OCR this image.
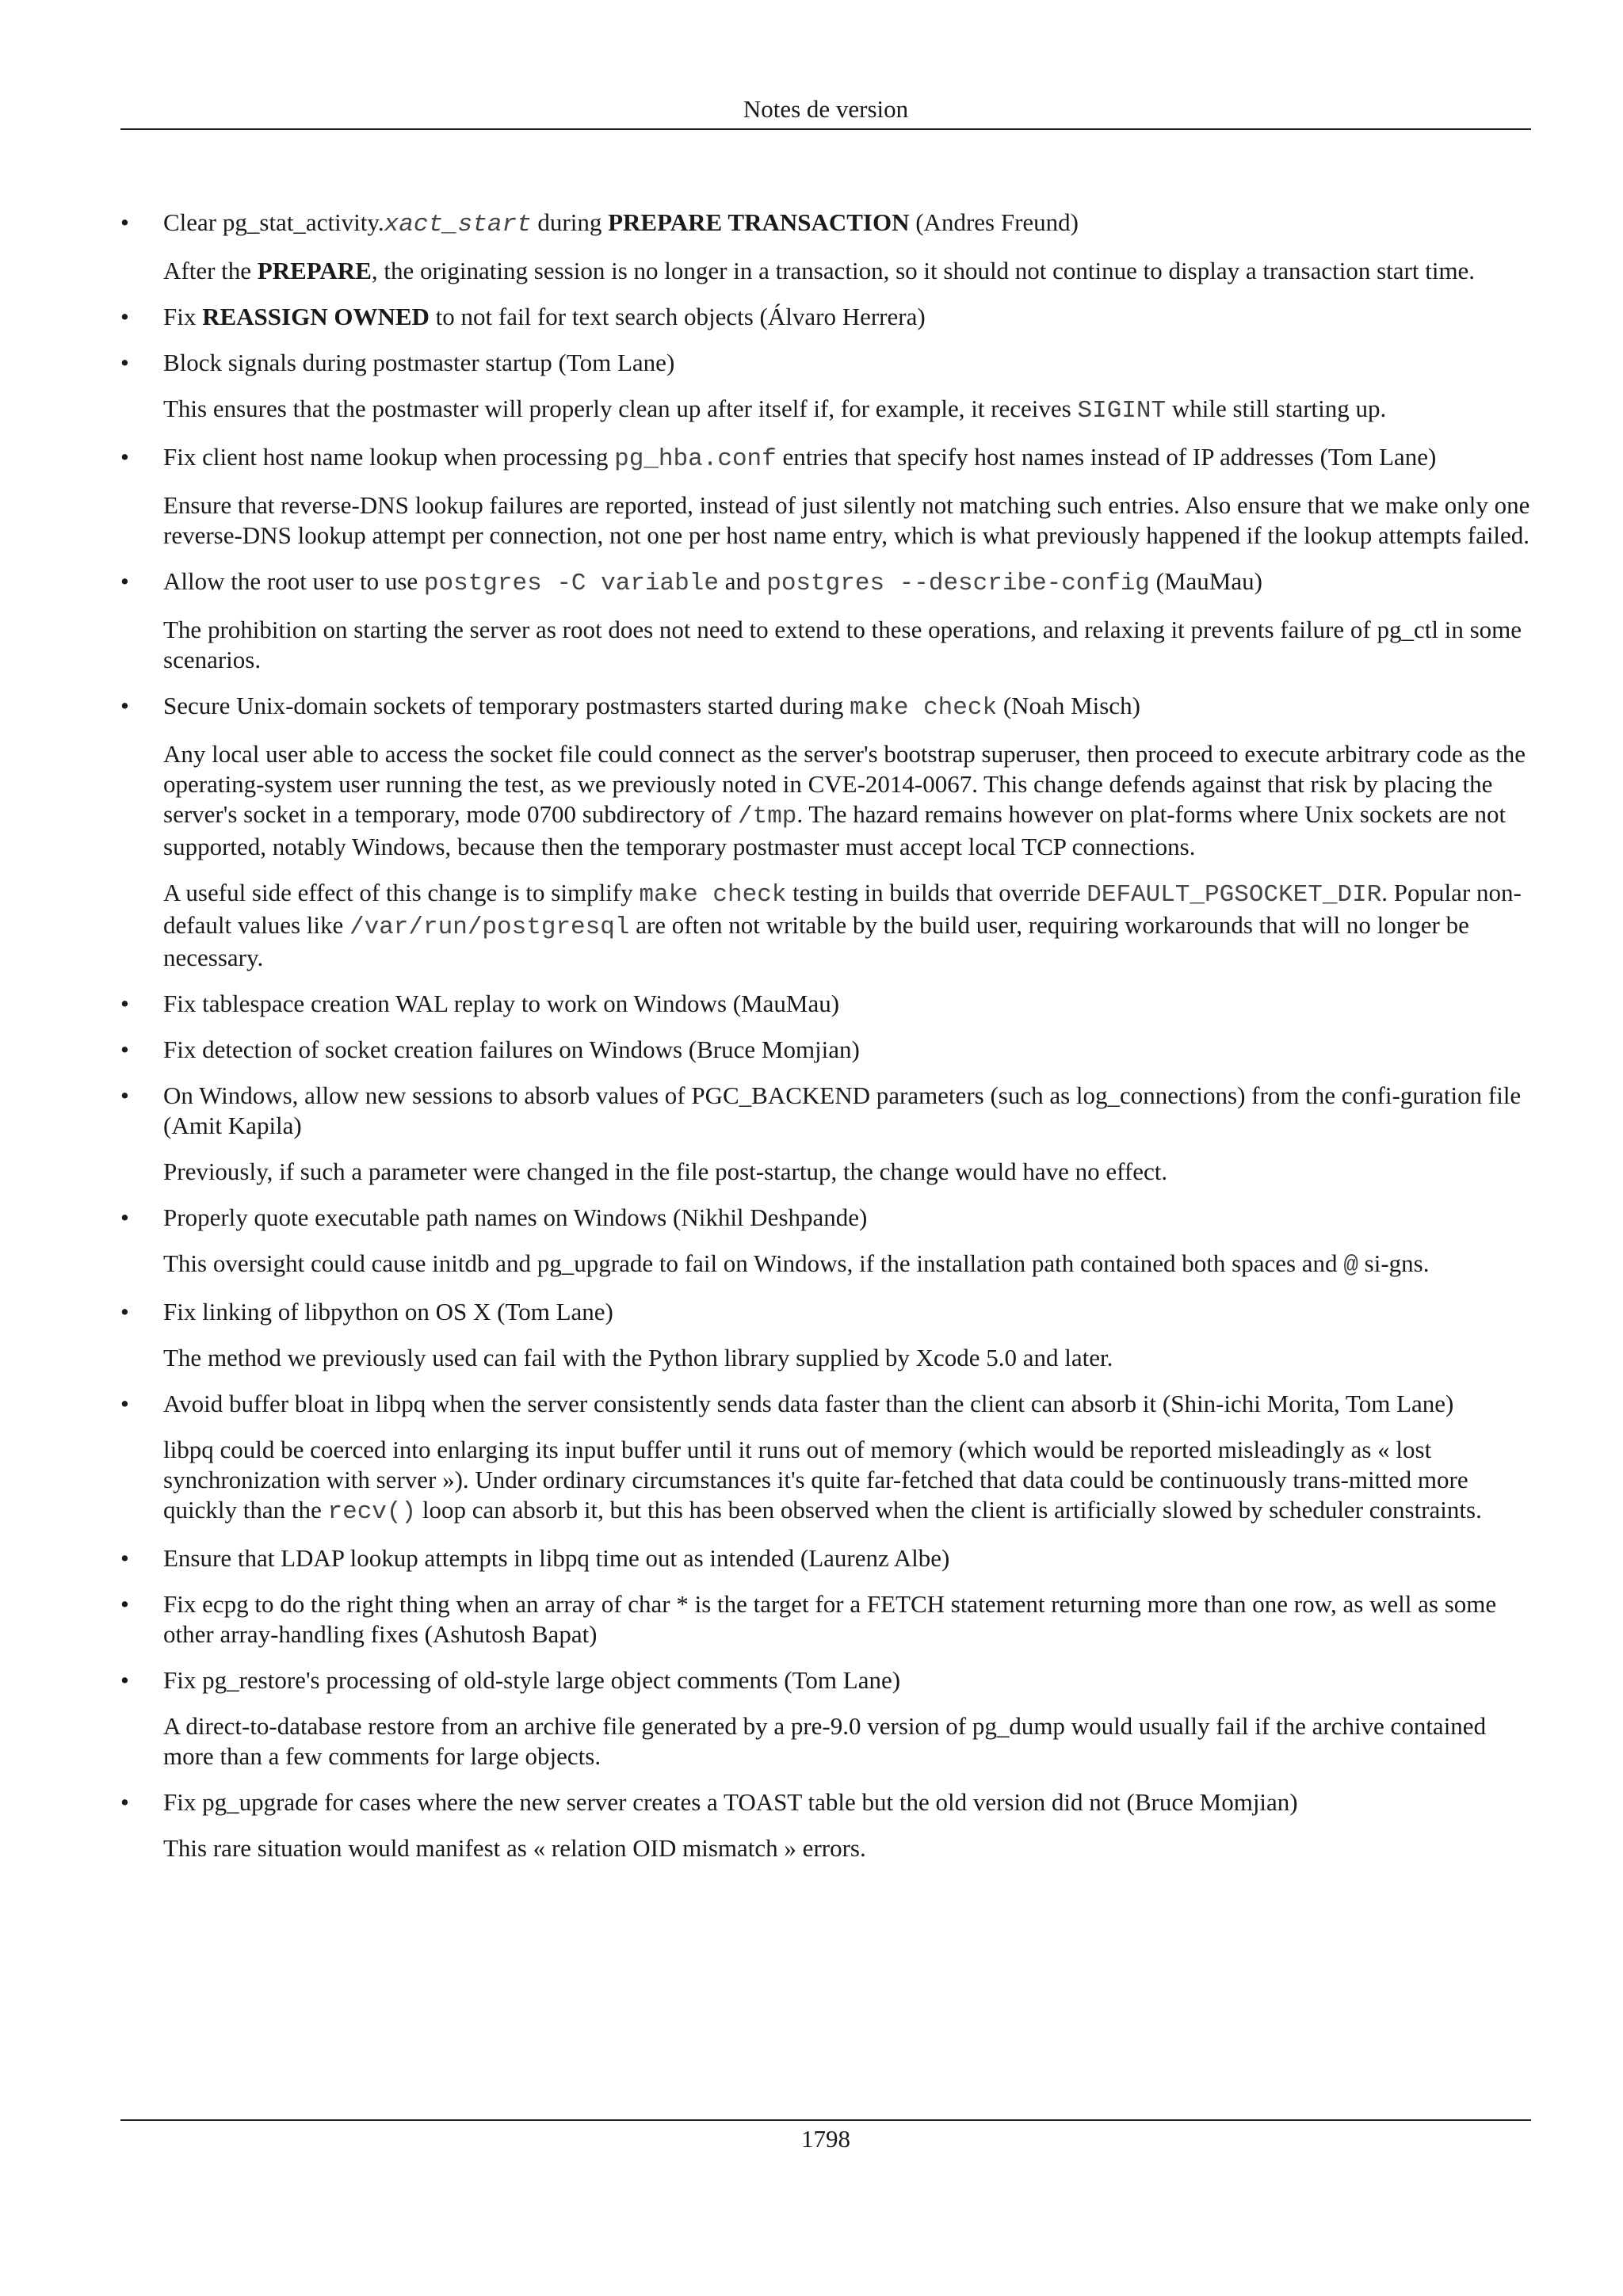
Notes de version
•	Clear pg_stat_activity.xact_start during PREPARE TRANSACTION (Andres Freund)

After the PREPARE, the originating session is no longer in a transaction, so it should not continue to display a transaction start time.

•	Fix REASSIGN OWNED to not fail for text search objects (Álvaro Herrera)

•	Block signals during postmaster startup (Tom Lane)

This ensures that the postmaster will properly clean up after itself if, for example, it receives SIGINT while still starting up.

•	Fix client host name lookup when processing pg_hba.conf entries that specify host names instead of IP addresses (Tom Lane)

Ensure that reverse-DNS lookup failures are reported, instead of just silently not matching such entries. Also ensure that we make only one reverse-DNS lookup attempt per connection, not one per host name entry, which is what previously happened if the lookup attempts failed.

•	Allow the root user to use postgres -C variable and postgres --describe-config (MauMau)

The prohibition on starting the server as root does not need to extend to these operations, and relaxing it prevents failure of pg_ctl in some scenarios.

•	Secure Unix-domain sockets of temporary postmasters started during make check (Noah Misch)

Any local user able to access the socket file could connect as the server's bootstrap superuser, then proceed to execute arbitrary code as the operating-system user running the test, as we previously noted in CVE-2014-0067. This change defends against that risk by placing the server's socket in a temporary, mode 0700 subdirectory of /tmp. The hazard remains however on plat-forms where Unix sockets are not supported, notably Windows, because then the temporary postmaster must accept local TCP connections.

A useful side effect of this change is to simplify make check testing in builds that override DEFAULT_PGSOCKET_DIR. Popular non-default values like /var/run/postgresql are often not writable by the build user, requiring workarounds that will no longer be necessary.

•	Fix tablespace creation WAL replay to work on Windows (MauMau)

•	Fix detection of socket creation failures on Windows (Bruce Momjian)

•	On Windows, allow new sessions to absorb values of PGC_BACKEND parameters (such as log_connections) from the confi-guration file (Amit Kapila)

Previously, if such a parameter were changed in the file post-startup, the change would have no effect.

•	Properly quote executable path names on Windows (Nikhil Deshpande)

This oversight could cause initdb and pg_upgrade to fail on Windows, if the installation path contained both spaces and @ si-gns.

•	Fix linking of libpython on OS X (Tom Lane)

The method we previously used can fail with the Python library supplied by Xcode 5.0 and later.

•	Avoid buffer bloat in libpq when the server consistently sends data faster than the client can absorb it (Shin-ichi Morita, Tom Lane)

libpq could be coerced into enlarging its input buffer until it runs out of memory (which would be reported misleadingly as « lost synchronization with server »). Under ordinary circumstances it's quite far-fetched that data could be continuously trans-mitted more quickly than the recv() loop can absorb it, but this has been observed when the client is artificially slowed by scheduler constraints.

•	Ensure that LDAP lookup attempts in libpq time out as intended (Laurenz Albe)

•	Fix ecpg to do the right thing when an array of char * is the target for a FETCH statement returning more than one row, as well as some other array-handling fixes (Ashutosh Bapat)

•	Fix pg_restore's processing of old-style large object comments (Tom Lane)

A direct-to-database restore from an archive file generated by a pre-9.0 version of pg_dump would usually fail if the archive contained more than a few comments for large objects.

•	Fix pg_upgrade for cases where the new server creates a TOAST table but the old version did not (Bruce Momjian)

This rare situation would manifest as « relation OID mismatch » errors.

1798
